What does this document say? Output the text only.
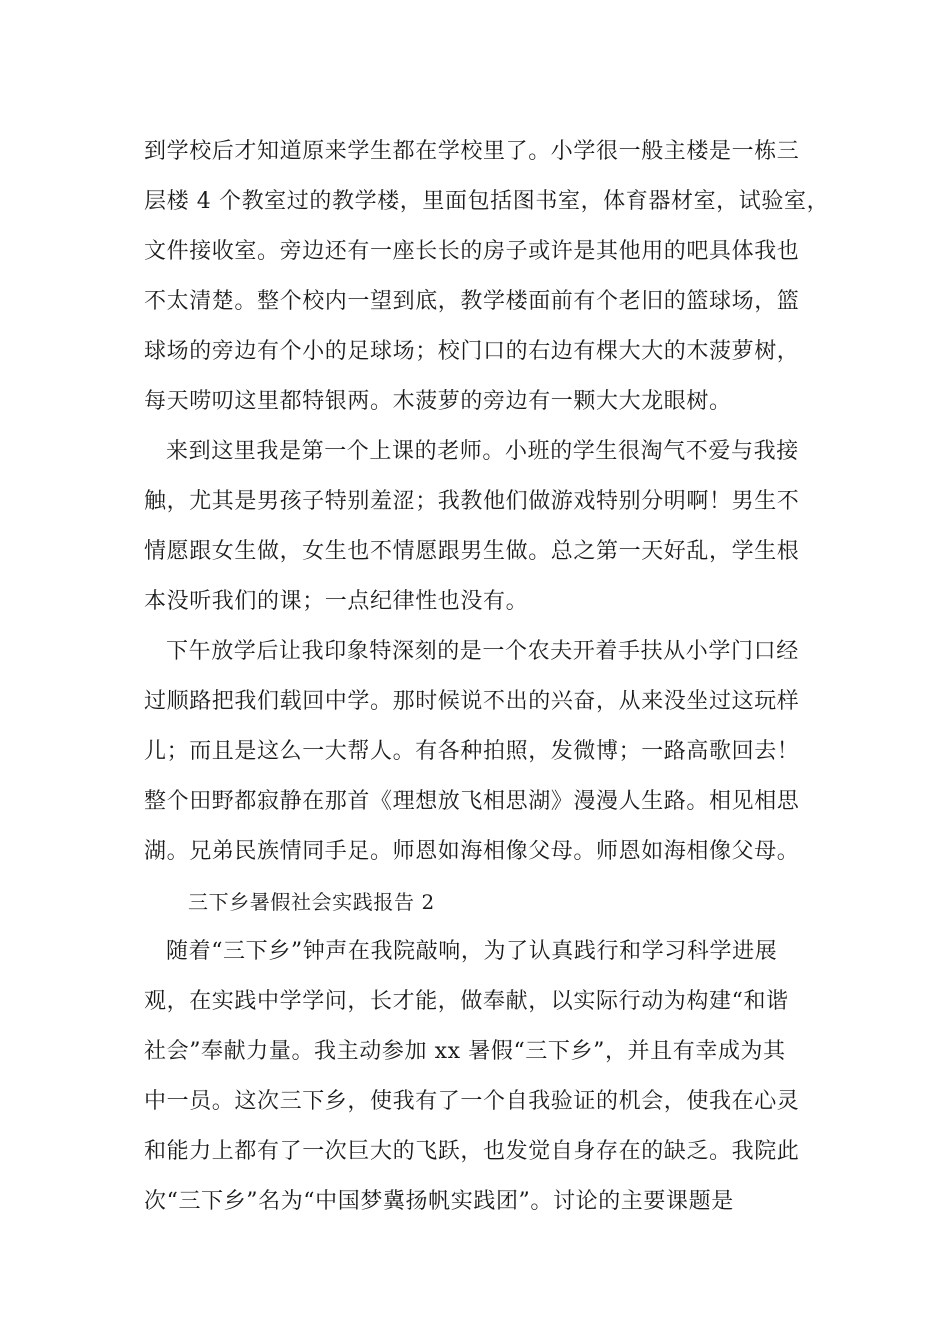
到学校后才知道原来学生都在学校里了。小学很一般主楼是一栋三
层楼 4 个教室过的教学楼，里面包括图书室，体育器材室，试验室，
文件接收室。旁边还有一座长长的房子或许是其他用的吧具体我也
不太清楚。整个校内一望到底，教学楼面前有个老旧的篮球场，篮
球场的旁边有个小的足球场；校门口的右边有棵大大的木菠萝树，
每天唠叨这里都特银两。木菠萝的旁边有一颗大大龙眼树。
来到这里我是第一个上课的老师。小班的学生很淘气不爱与我接
触，尤其是男孩子特别羞涩；我教他们做游戏特别分明啊！男生不
情愿跟女生做，女生也不情愿跟男生做。总之第一天好乱，学生根
本没听我们的课；一点纪律性也没有。
下午放学后让我印象特深刻的是一个农夫开着手扶从小学门口经
过顺路把我们载回中学。那时候说不出的兴奋，从来没坐过这玩样
儿；而且是这么一大帮人。有各种拍照，发微博；一路高歌回去！
整个田野都寂静在那首《理想放飞相思湖》漫漫人生路。相见相思
湖。兄弟民族情同手足。师恩如海相像父母。师恩如海相像父母。
三下乡暑假社会实践报告 2
随着“三下乡”钟声在我院敲响，为了认真践行和学习科学进展
观，在实践中学学问，长才能，做奉献，以实际行动为构建“和谐
社会”奉献力量。我主动参加 xx 暑假“三下乡”，并且有幸成为其
中一员。这次三下乡，使我有了一个自我验证的机会，使我在心灵
和能力上都有了一次巨大的飞跃，也发觉自身存在的缺乏。我院此
次“三下乡”名为“中国梦冀扬帆实践团”。讨论的主要课题是
